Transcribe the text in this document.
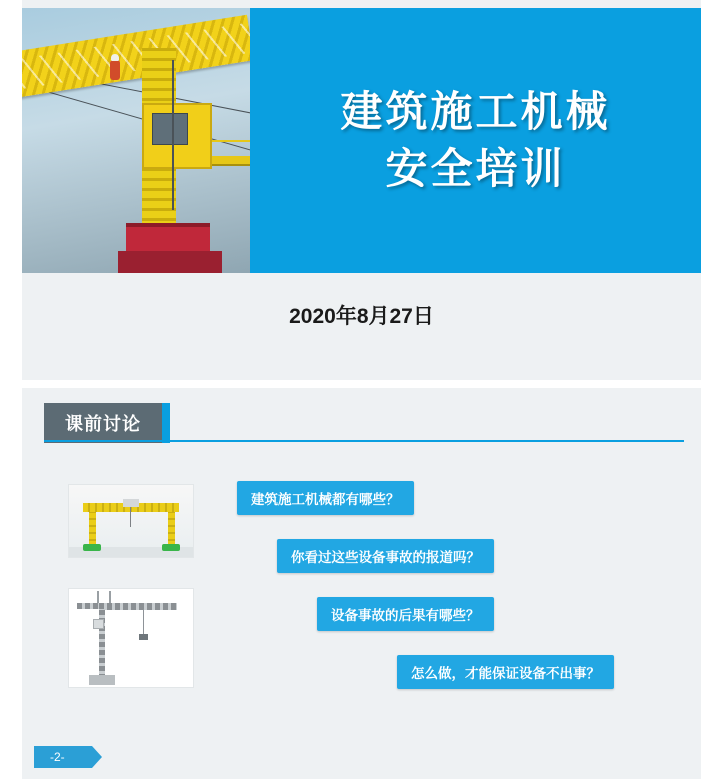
建筑施工机械
安全培训
2020年8月27日
课前讨论
建筑施工机械都有哪些？
你看过这些设备事故的报道吗？
设备事故的后果有哪些？
怎么做，才能保证设备不出事？
-2-
